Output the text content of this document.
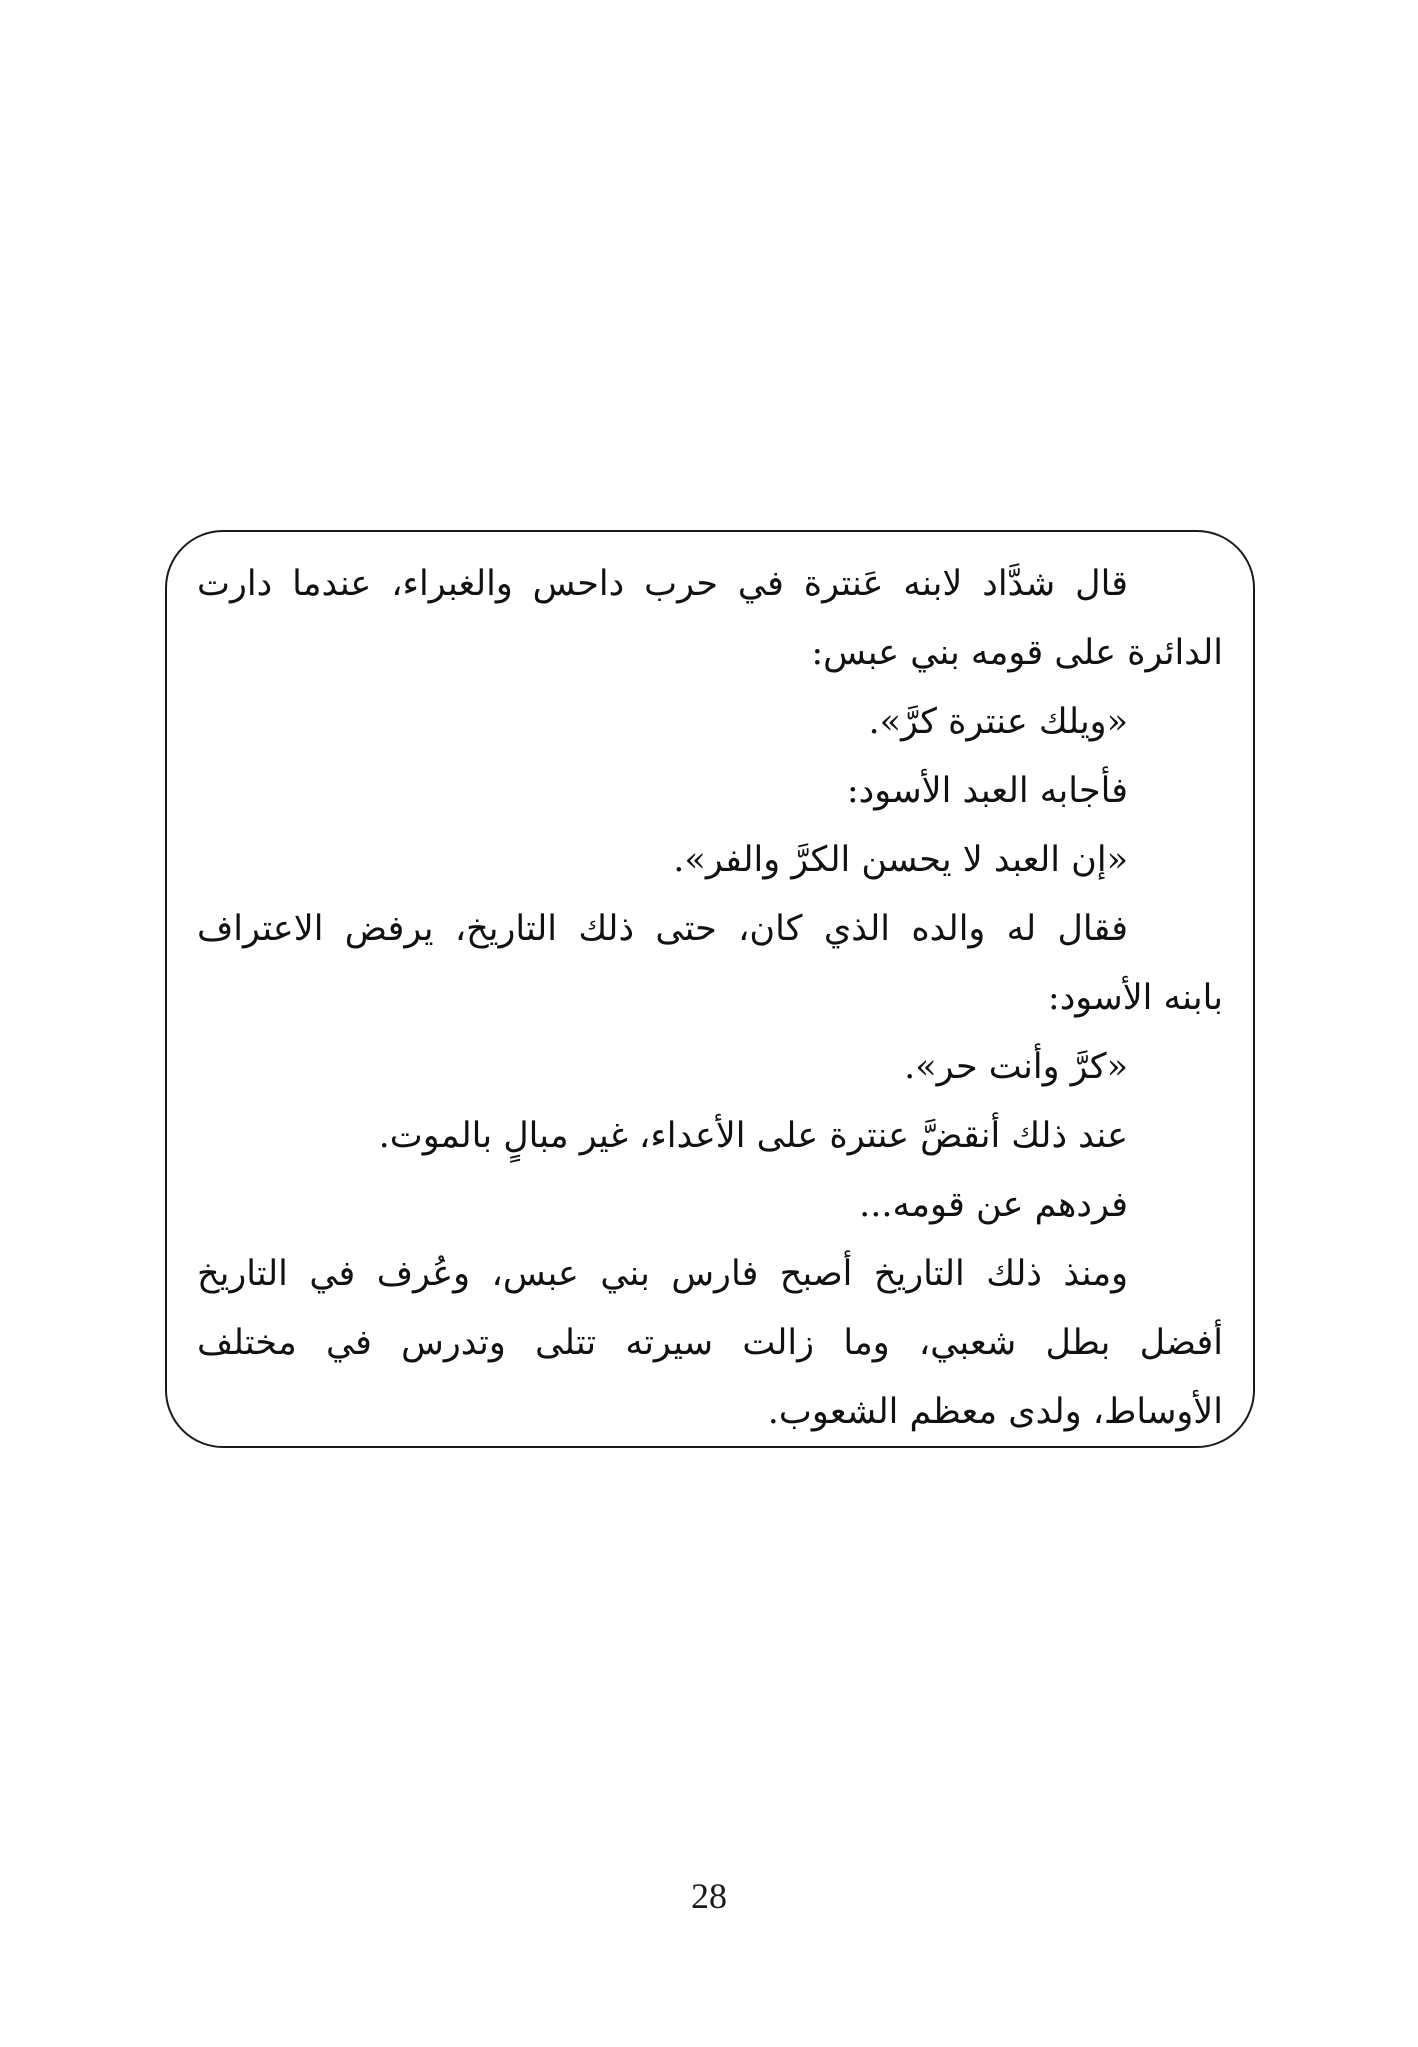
قال شدَّاد لابنه عَنترة في حرب داحس والغبراء، عندما دارت
الدائرة على قومه بني عبس:
«ويلك عنترة كرَّ».
فأجابه العبد الأسود:
«إن العبد لا يحسن الكرَّ والفر».
فقال له والده الذي كان، حتى ذلك التاريخ، يرفض الاعتراف
بابنه الأسود:
«كرَّ وأنت حر».
عند ذلك أنقضَّ عنترة على الأعداء، غير مبالٍ بالموت.
فردهم عن قومه...
ومنذ ذلك التاريخ أصبح فارس بني عبس، وعُرف في التاريخ
أفضل بطل شعبي، وما زالت سيرته تتلى وتدرس في مختلف
الأوساط، ولدى معظم الشعوب.
28
